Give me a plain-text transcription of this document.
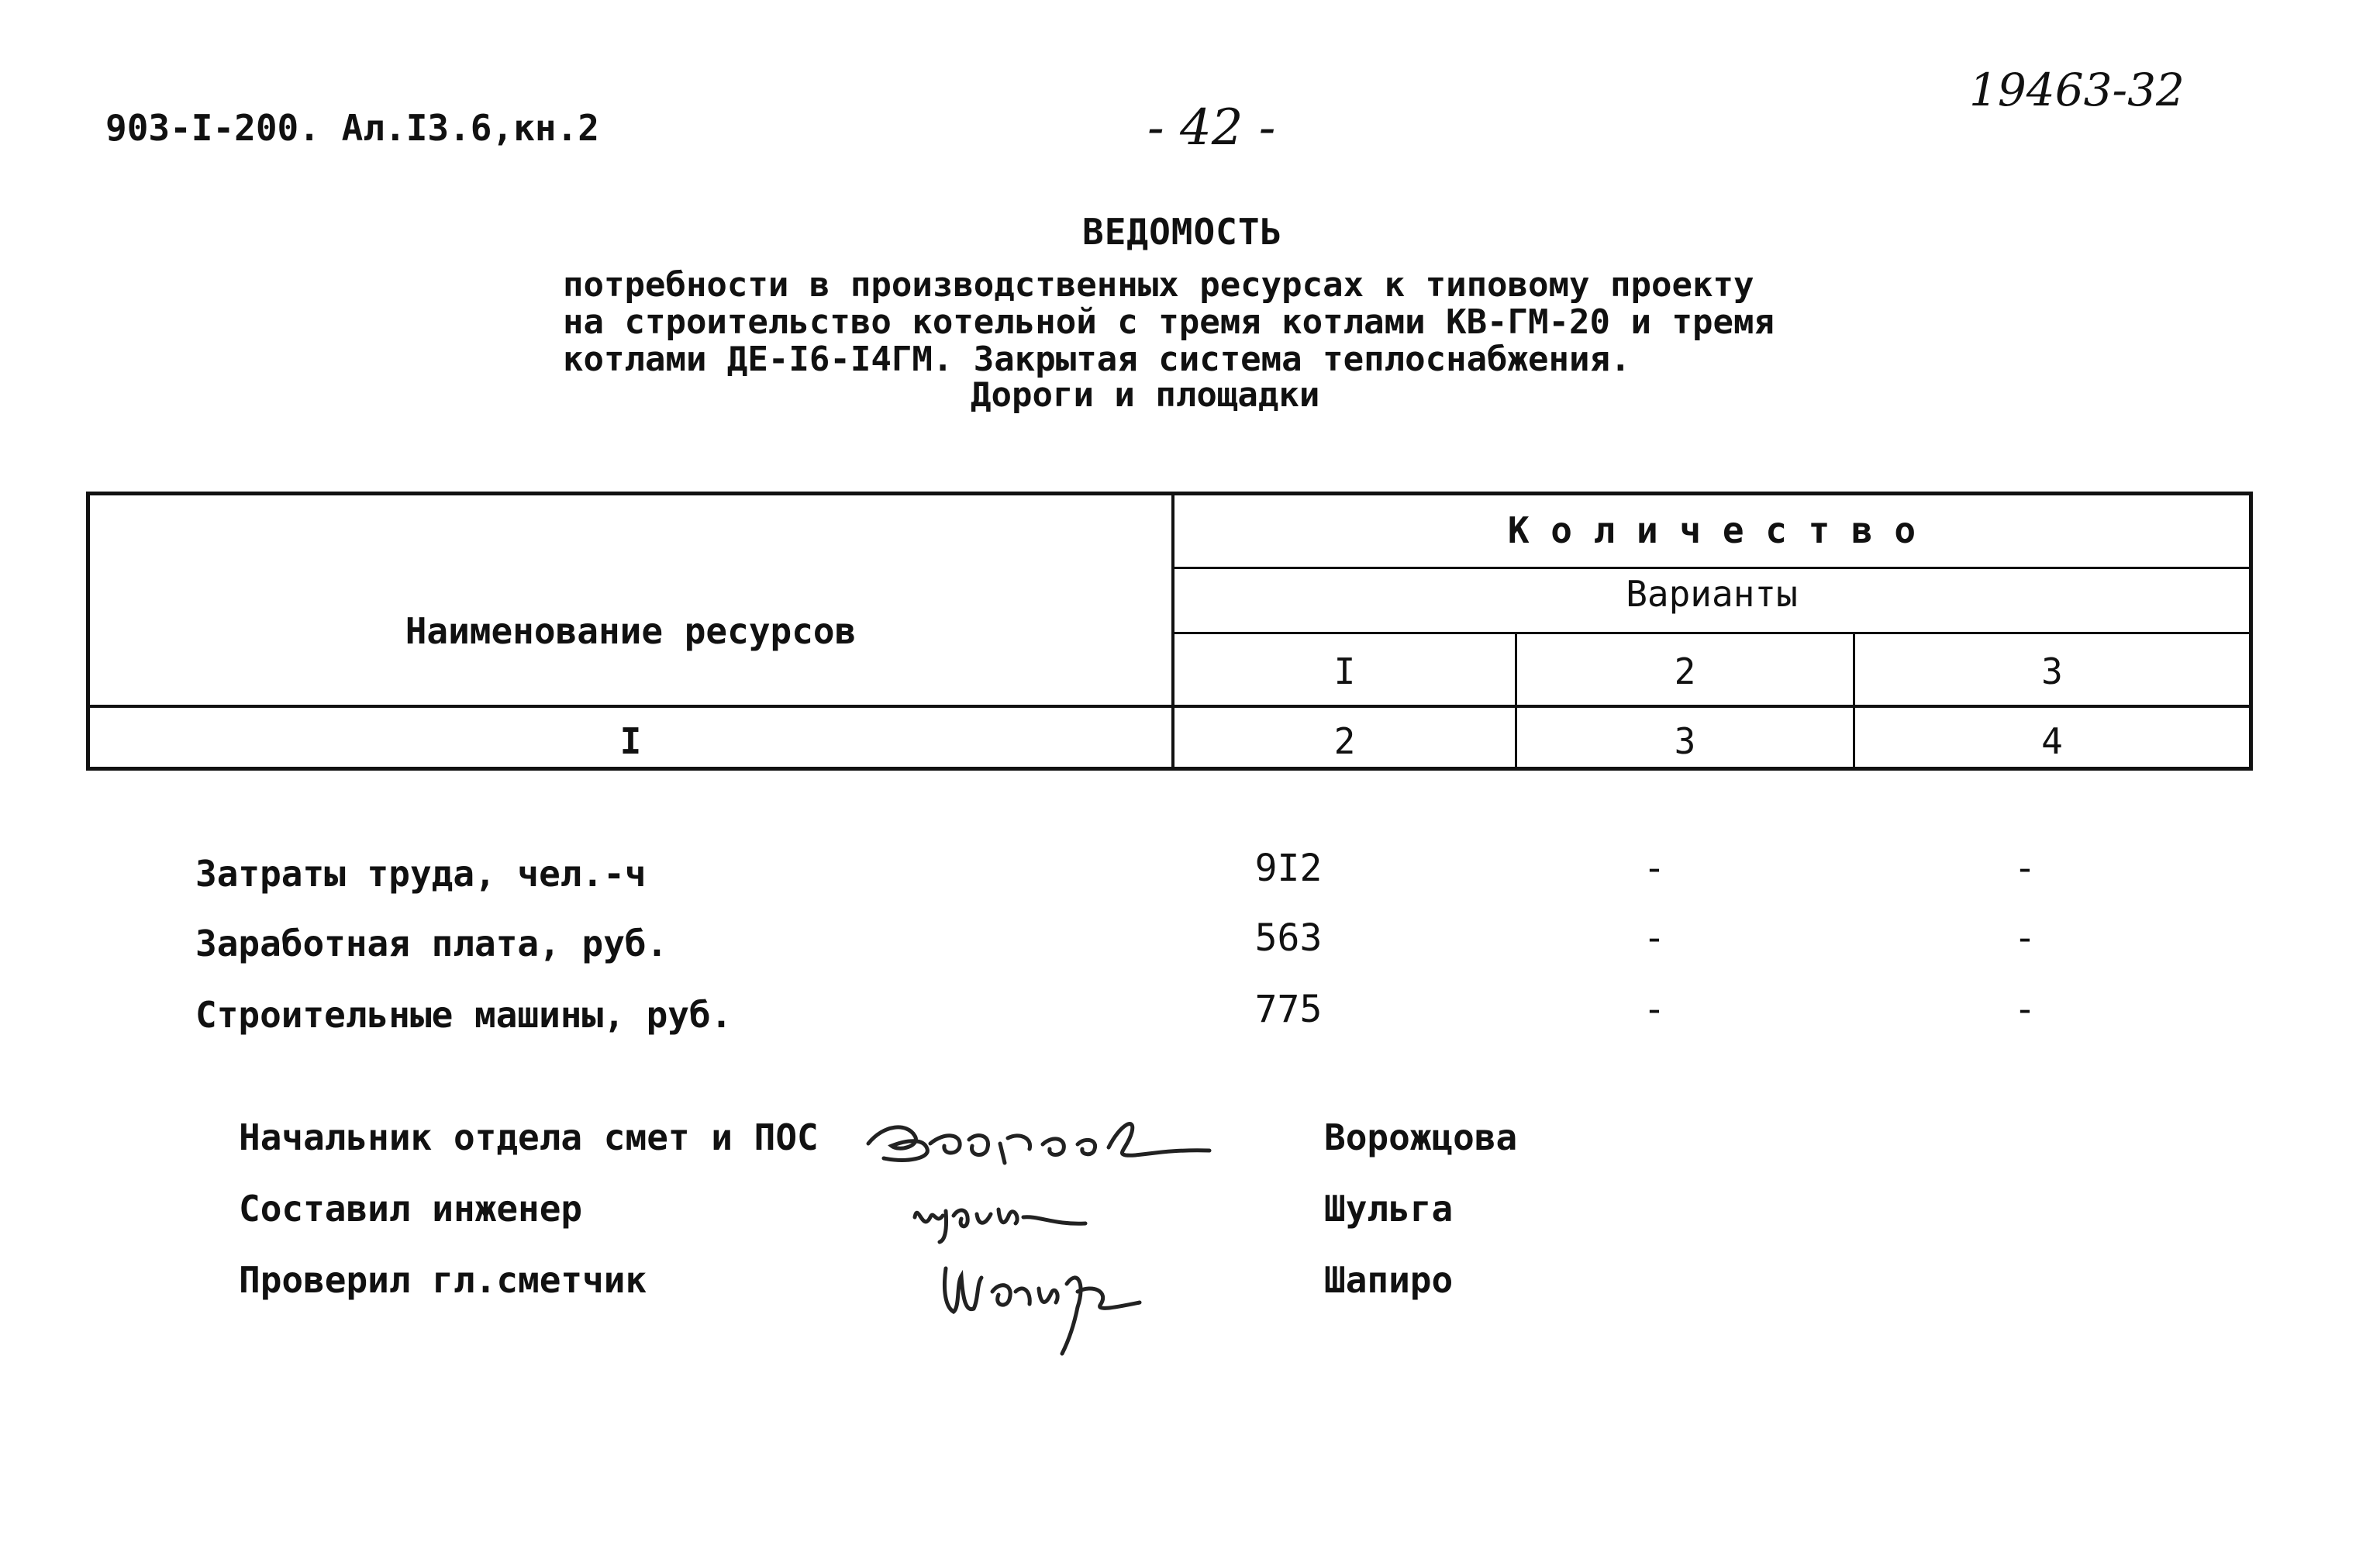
903-I-200. Ал.I3.6,кн.2	- 42 -
19463-32
ВЕДОМОСТЬ
потребности в производственных ресурсах к типовому проекту
на строительство котельной с тремя котлами КВ-ГМ-20 и тремя
котлами ДЕ-I6-I4ГМ. Закрытая система теплоснабжения.
Дороги и площадки
Наименование ресурсов
К о л и ч е с т в о
Варианты
I	2	3
I	2	3	4
Затраты труда, чел.-ч	9I2	-	-
Заработная плата, руб.	563	-	-
Строительные машины, руб.	775	-	-
Начальник отдела смет и ПОС	Ворожцова
Составил инженер	Шульга
Проверил гл.сметчик	Шапиро
